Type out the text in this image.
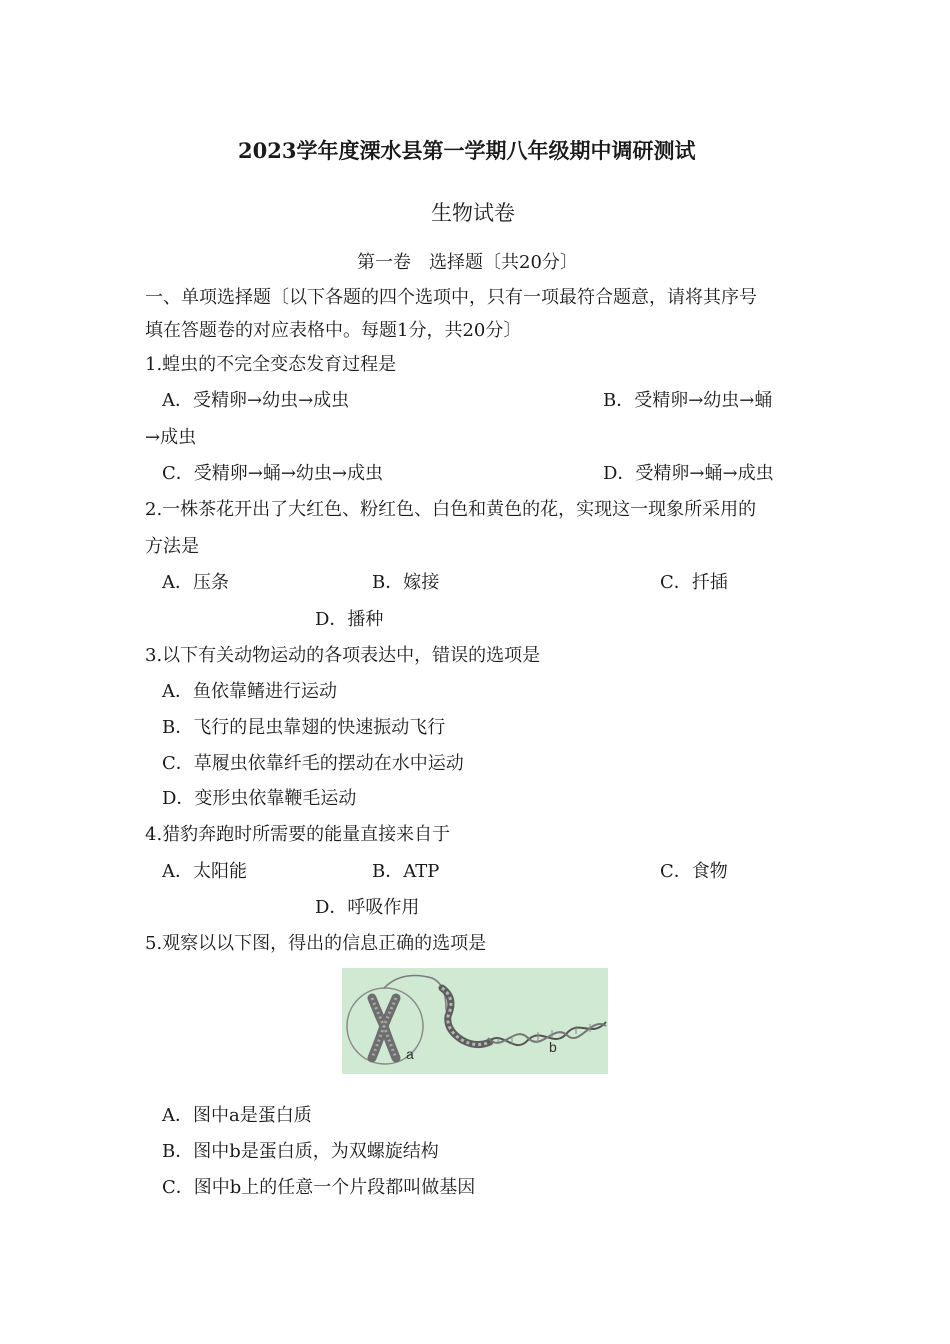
2023学年度溧水县第一学期八年级期中调研测试
生物试卷
第一卷　选择题〔共20分〕
一、单项选择题〔以下各题的四个选项中，只有一项最符合题意，请将其序号
填在答题卷的对应表格中。每题1分，共20分〕
1.蝗虫的不完全变态发育过程是
A．受精卵→幼虫→成虫	B．受精卵→幼虫→蛹
→成虫
C．受精卵→蛹→幼虫→成虫	D．受精卵→蛹→成虫
2.一株茶花开出了大红色、粉红色、白色和黄色的花，实现这一现象所采用的
方法是
A．压条	B．嫁接	C．扦插
D．播种
3.以下有关动物运动的各项表达中，错误的选项是
A．鱼依靠鳍进行运动
B．飞行的昆虫靠翅的快速振动飞行
C．草履虫依靠纤毛的摆动在水中运动
D．变形虫依靠鞭毛运动
4.猎豹奔跑时所需要的能量直接来自于
A．太阳能	B．ATP	C．食物
D．呼吸作用
5.观察以以下图，得出的信息正确的选项是
a	b
A．图中a是蛋白质
B．图中b是蛋白质，为双螺旋结构
C．图中b上的任意一个片段都叫做基因
